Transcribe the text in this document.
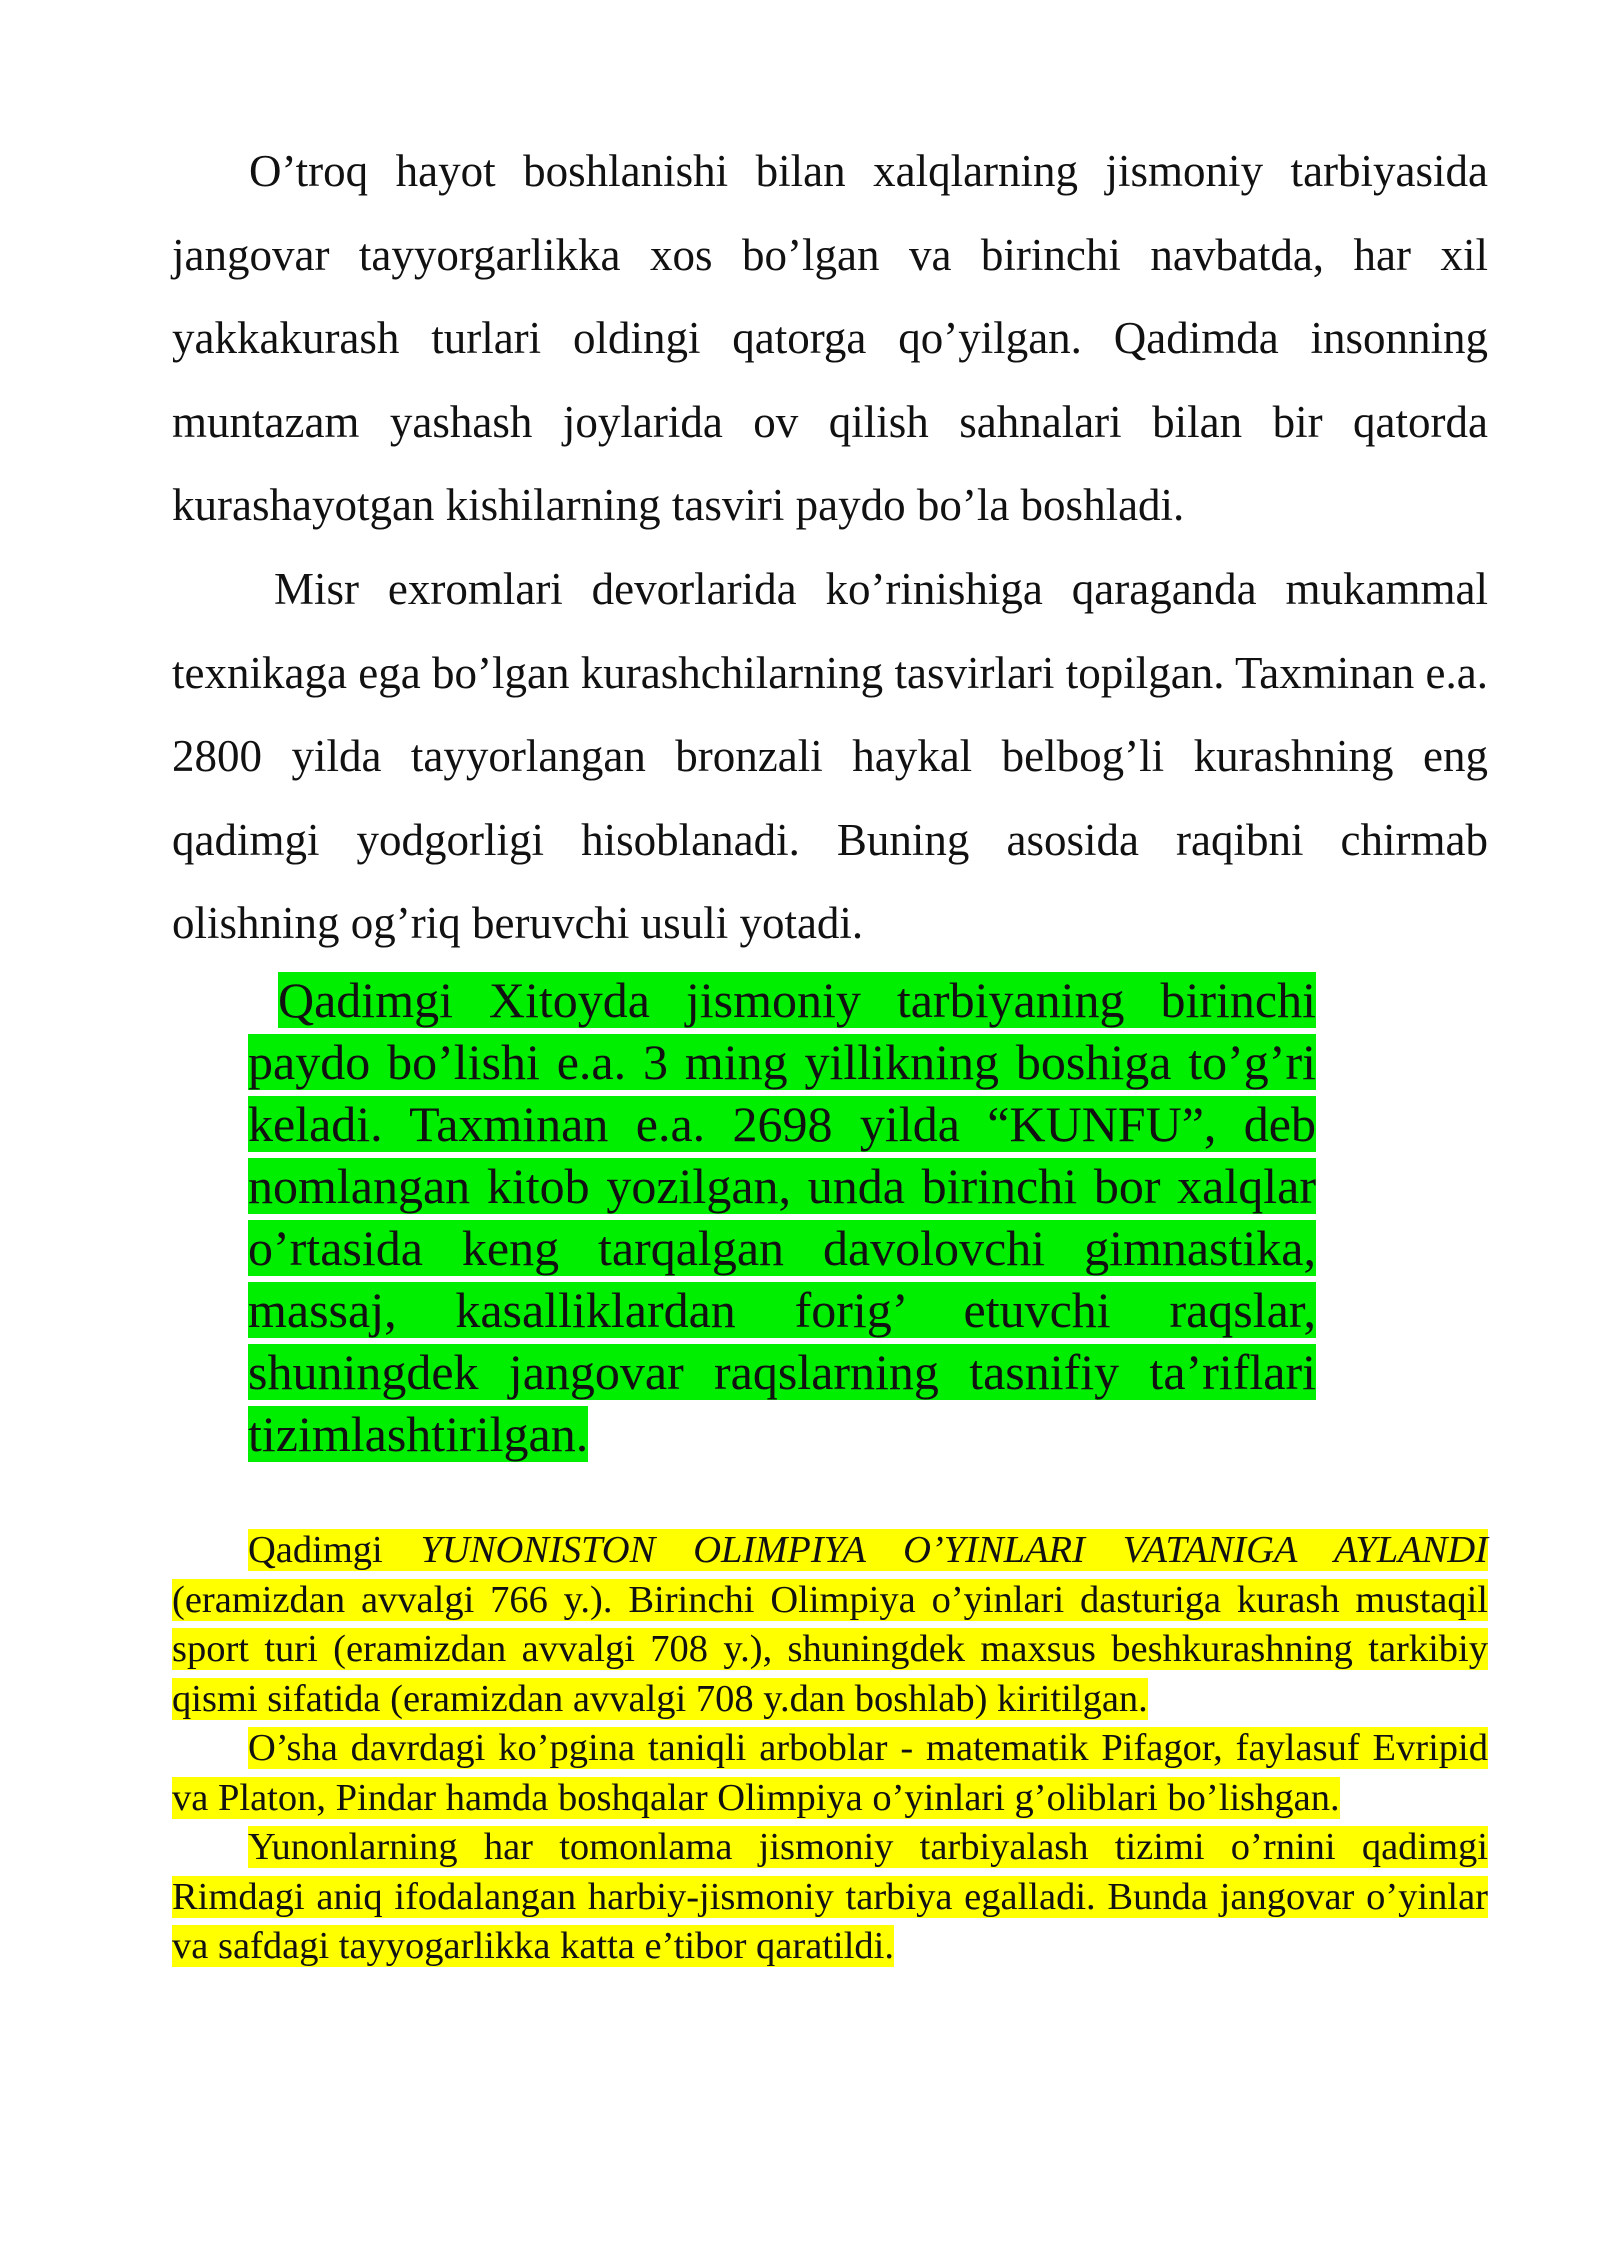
O’troq hayot boshlanishi bilan xalqlarning jismoniy tarbiyasida jangovar tayyorgarlikka xos bo’lgan va birinchi navbatda, har xil yakkakurash turlari oldingi qatorga qo’yilgan. Qadimda insonning muntazam yashash joylarida ov qilish sahnalari bilan bir qatorda kurashayotgan kishilarning tasviri paydo bo’la boshladi.

Misr exromlari devorlarida ko’rinishiga qaraganda mukammal texnikaga ega bo’lgan kurashchilarning tasvirlari topilgan. Taxminan e.a. 2800 yilda tayyorlangan bronzali haykal belbog’li kurashning eng qadimgi yodgorligi hisoblanadi. Buning asosida raqibni chirmab olishning og’riq beruvchi usuli yotadi.

Qadimgi Xitoyda jismoniy tarbiyaning birinchi paydo bo’lishi e.a. 3 ming yillikning boshiga to’g’ri keladi. Taxminan e.a. 2698 yilda “KUNFU”, deb nomlangan kitob yozilgan, unda birinchi bor xalqlar o’rtasida keng tarqalgan davolovchi gimnastika, massaj, kasalliklardan forig’ etuvchi raqslar, shuningdek jangovar raqslarning tasnifiy ta’riflari tizimlashtirilgan.

Qadimgi YUNONISTON OLIMPIYA O’YINLARI VATANIGA AYLANDI (eramizdan avvalgi 766 y.). Birinchi Olimpiya o’yinlari dasturiga kurash mustaqil sport turi (eramizdan avvalgi 708 y.), shuningdek maxsus beshkurashning tarkibiy qismi sifatida (eramizdan avvalgi 708 y.dan boshlab) kiritilgan.

O’sha davrdagi ko’pgina taniqli arboblar - matematik Pifagor, faylasuf Evripid va Platon, Pindar hamda boshqalar Olimpiya o’yinlari g’oliblari bo’lishgan.

Yunonlarning har tomonlama jismoniy tarbiyalash tizimi o’rnini qadimgi Rimdagi aniq ifodalangan harbiy-jismoniy tarbiya egalladi. Bunda jangovar o’yinlar va safdagi tayyogarlikka katta e’tibor qaratildi.
